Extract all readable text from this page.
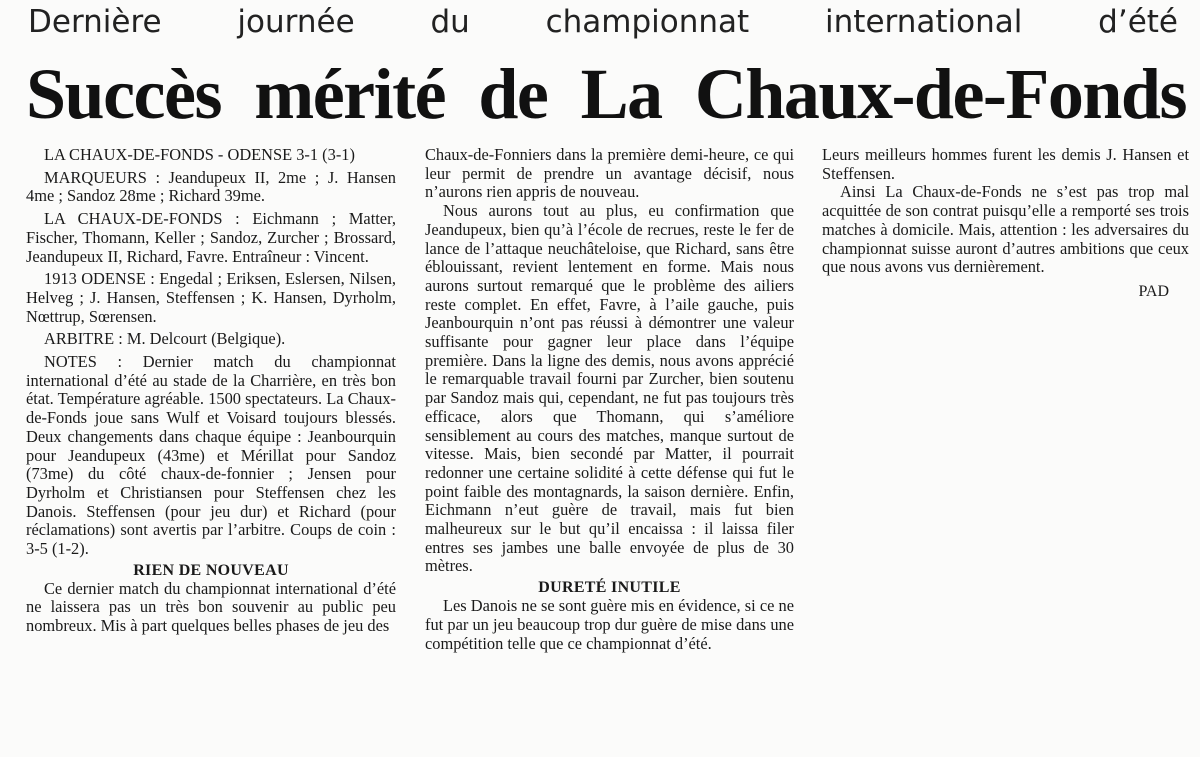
Dernière journée du championnat international d’été
Succès mérité de La Chaux-de-Fonds

LA CHAUX-DE-FONDS - ODENSE 3-1 (3-1)

MARQUEURS : Jeandupeux II, 2me ; J. Hansen 4me ; Sandoz 28me ; Richard 39me.

LA CHAUX-DE-FONDS : Eichmann ; Matter, Fischer, Thomann, Keller ; Sandoz, Zurcher ; Brossard, Jeandupeux II, Richard, Favre. Entraîneur : Vincent.

1913 ODENSE : Engedal ; Eriksen, Eslersen, Nilsen, Helveg ; J. Hansen, Steffensen ; K. Hansen, Dyrholm, Nœttrup, Sœrensen.

ARBITRE : M. Delcourt (Belgique).

NOTES : Dernier match du championnat international d’été au stade de la Charrière, en très bon état. Température agréable. 1500 spectateurs. La Chaux-de-Fonds joue sans Wulf et Voisard toujours blessés. Deux changements dans chaque équipe : Jeanbourquin pour Jeandupeux (43me) et Mérillat pour Sandoz (73me) du côté chaux-de-fonnier ; Jensen pour Dyrholm et Christiansen pour Steffensen chez les Danois. Steffensen (pour jeu dur) et Richard (pour réclamations) sont avertis par l’arbitre. Coups de coin : 3-5 (1-2).

RIEN DE NOUVEAU

Ce dernier match du championnat international d’été ne laissera pas un très bon souvenir au public peu nombreux. Mis à part quelques belles phases de jeu des

Chaux-de-Fonniers dans la première demi-heure, ce qui leur permit de prendre un avantage décisif, nous n’aurons rien appris de nouveau.

Nous aurons tout au plus, eu confirmation que Jeandupeux, bien qu’à l’école de recrues, reste le fer de lance de l’attaque neuchâteloise, que Richard, sans être éblouissant, revient lentement en forme. Mais nous aurons surtout remarqué que le problème des ailiers reste complet. En effet, Favre, à l’aile gauche, puis Jeanbourquin n’ont pas réussi à démontrer une valeur suffisante pour gagner leur place dans l’équipe première. Dans la ligne des demis, nous avons apprécié le remarquable travail fourni par Zurcher, bien soutenu par Sandoz mais qui, cependant, ne fut pas toujours très efficace, alors que Thomann, qui s’améliore sensiblement au cours des matches, manque surtout de vitesse. Mais, bien secondé par Matter, il pourrait redonner une certaine solidité à cette défense qui fut le point faible des montagnards, la saison dernière. Enfin, Eichmann n’eut guère de travail, mais fut bien malheureux sur le but qu’il encaissa : il laissa filer entres ses jambes une balle envoyée de plus de 30 mètres.

DURETÉ INUTILE

Les Danois ne se sont guère mis en évidence, si ce ne fut par un jeu beaucoup trop dur guère de mise dans une compétition telle que ce championnat d’été.

Leurs meilleurs hommes furent les demis J. Hansen et Steffensen.

Ainsi La Chaux-de-Fonds ne s’est pas trop mal acquittée de son contrat puisqu’elle a remporté ses trois matches à domicile. Mais, attention : les adversaires du championnat suisse auront d’autres ambitions que ceux que nous avons vus dernièrement.

PAD
